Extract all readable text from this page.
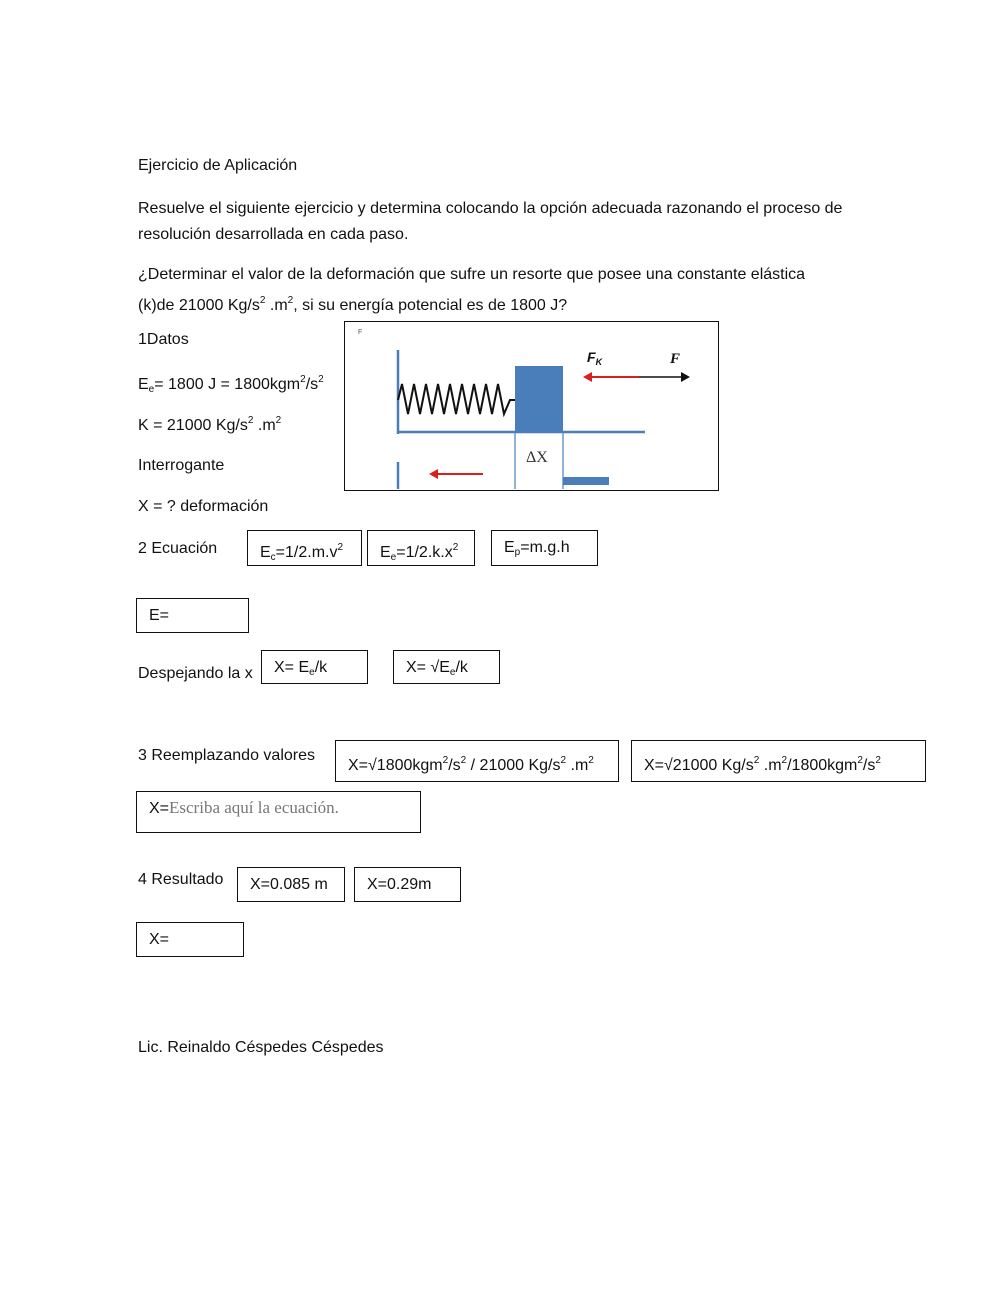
Ejercicio de Aplicación
Resuelve el siguiente ejercicio y determina colocando la opción adecuada razonando el proceso de resolución desarrollada en cada paso.
¿Determinar el valor de la deformación que sufre un resorte que posee una constante elástica
(k)de 21000 $Kg/s^2$ $.m^2$, si su energía potencial es de 1800 J?
1Datos
$E_e= 1800$ $J = 1800kgm^2/s^2$
K = 21000 $Kg/s^2$ $.m^2$
Interrogante
X = ? deformación
F
ΔX
$F_K$	F
2 Ecuación	$E_c=1/2.m.v^2$	$E_e=1/2.k.x^2$	$E_p=m.g.h$
E=
Despejando la x	$X= E_e/k$	$X= √E_e/k$
3 Reemplazando valores
$X=√1800kgm^2/s^2 / 21000$ $Kg/s^2$ $.m^2$	X=√21000 $Kg/s^2$ $.m^2/1800kgm^2/s^2$
X=Escriba aquí la ecuación.
4 Resultado	X=0.085 m	X=0.29m
X=
Lic. Reinaldo Céspedes Céspedes
